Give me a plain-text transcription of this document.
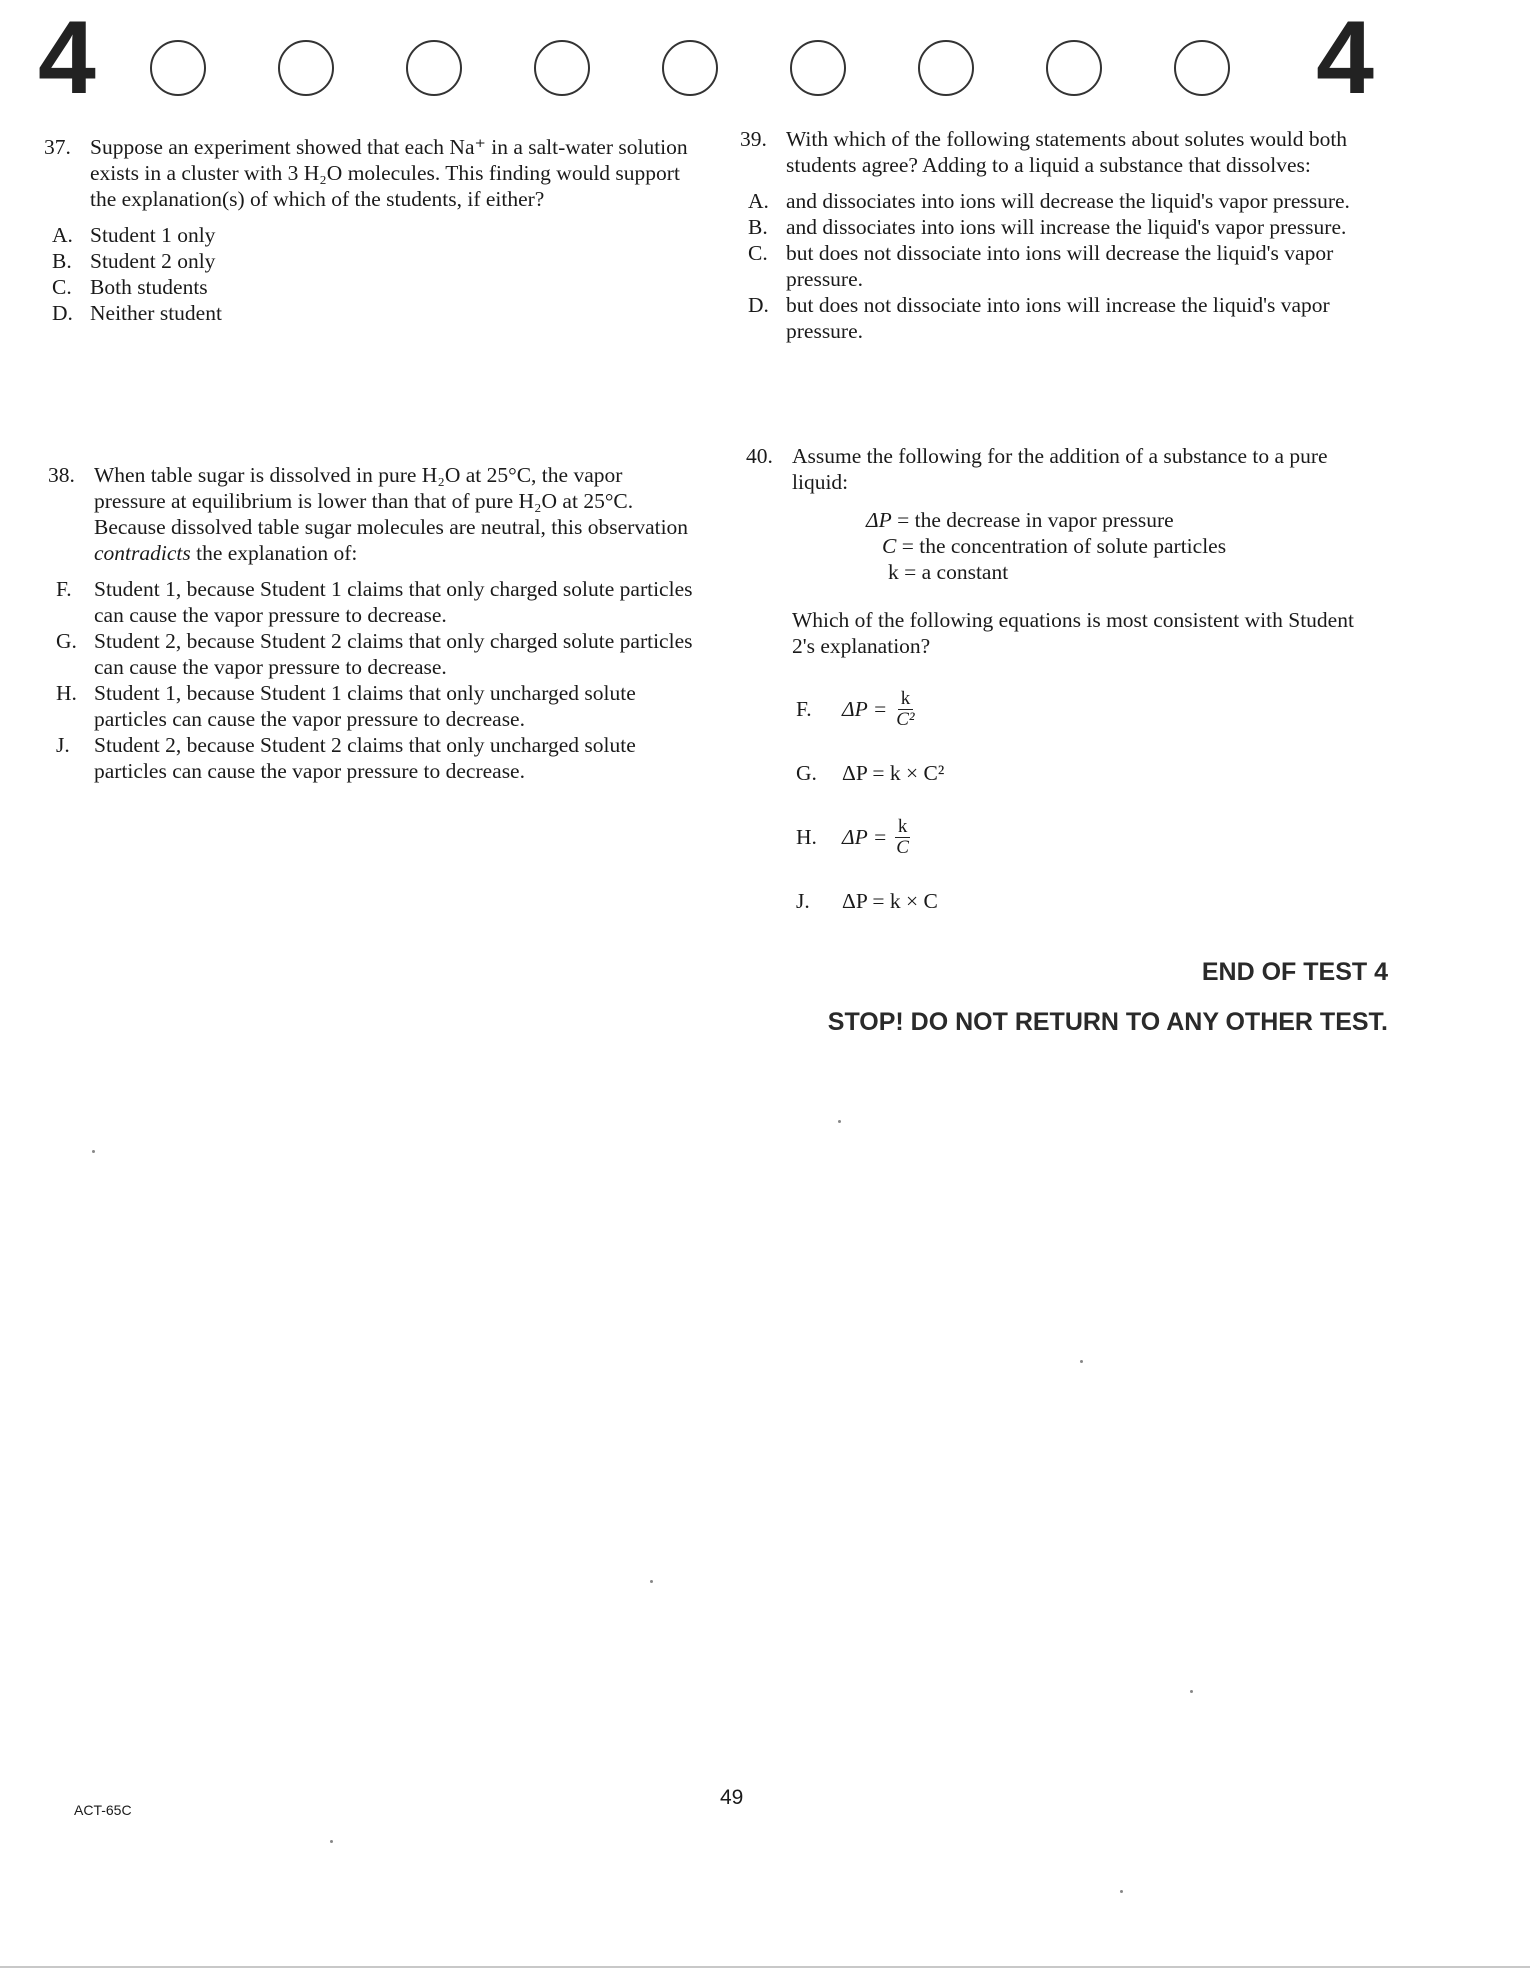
4	4
37. Suppose an experiment showed that each Na⁺ in a salt-water solution exists in a cluster with 3 H₂O molecules. This finding would support the explanation(s) of which of the students, if either?
A. Student 1 only
B. Student 2 only
C. Both students
D. Neither student
38. When table sugar is dissolved in pure H₂O at 25°C, the vapor pressure at equilibrium is lower than that of pure H₂O at 25°C. Because dissolved table sugar molecules are neutral, this observation contradicts the explanation of:
F.	Student 1, because Student 1 claims that only charged solute particles can cause the vapor pressure to decrease.
G. Student 2, because Student 2 claims that only charged solute particles can cause the vapor pressure to decrease.
H. Student 1, because Student 1 claims that only uncharged solute particles can cause the vapor pressure to decrease.
J.	Student 2, because Student 2 claims that only uncharged solute particles can cause the vapor pressure to decrease.
39. With which of the following statements about solutes would both students agree? Adding to a liquid a substance that dissolves:
A. and dissociates into ions will decrease the liquid's vapor pressure.
B. and dissociates into ions will increase the liquid's vapor pressure.
C. but does not dissociate into ions will decrease the liquid's vapor pressure.
D. but does not dissociate into ions will increase the liquid's vapor pressure.
40. Assume the following for the addition of a substance to a pure liquid:
ΔP = the decrease in vapor pressure
C = the concentration of solute particles
k = a constant
Which of the following equations is most consistent with Student 2's explanation?
F.	$\Delta P = \frac{k}{\text{C²}}$
G.	ΔP = k × C²
H.	$\Delta P = \frac{k}{C}$
J.	ΔP = k × C
END OF TEST 4
STOP! DO NOT RETURN TO ANY OTHER TEST.
ACT-65C
49
